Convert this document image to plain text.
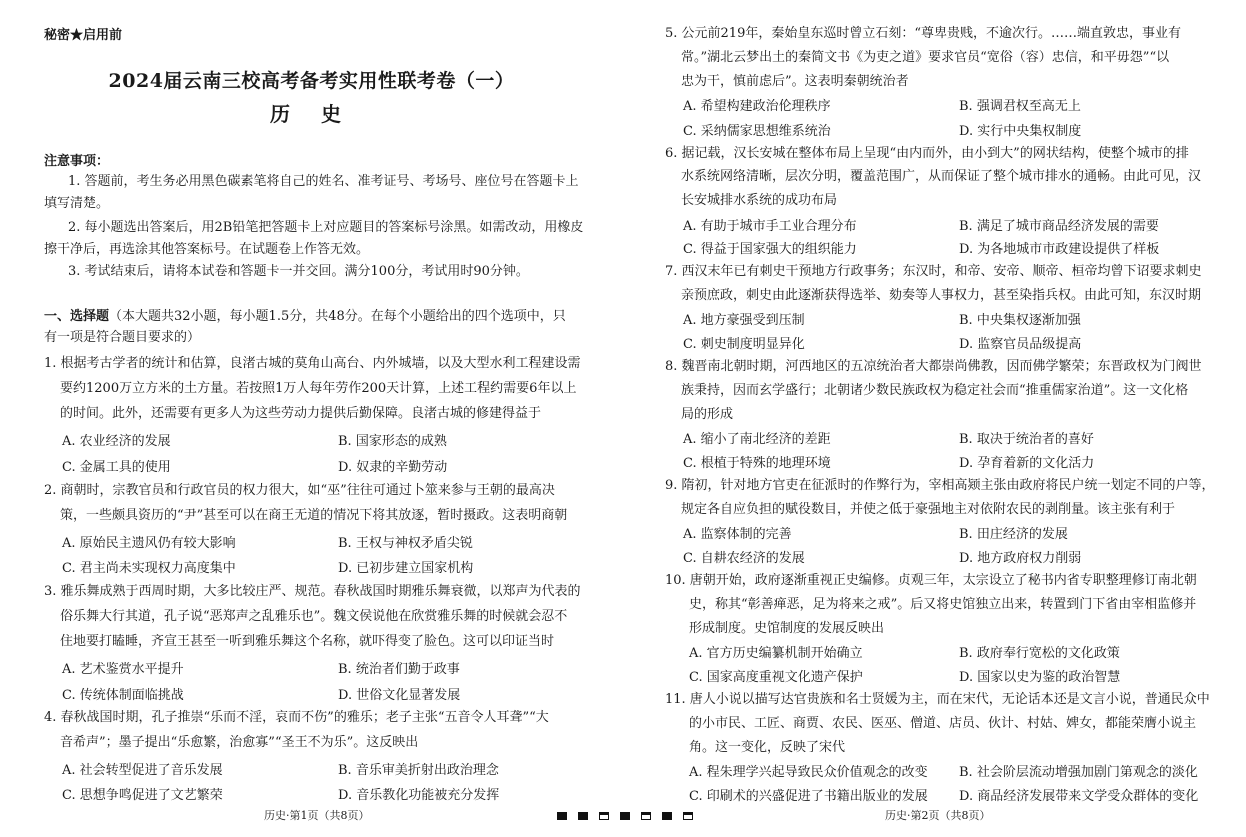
秘密★启用前
2024届云南三校高考备考实用性联考卷（一）
历 史
注意事项：
1. 答题前，考生务必用黑色碳素笔将自己的姓名、准考证号、考场号、座位号在答题卡上
填写清楚。
2. 每小题选出答案后，用2B铅笔把答题卡上对应题目的答案标号涂黑。如需改动，用橡皮
擦干净后，再选涂其他答案标号。在试题卷上作答无效。
3. 考试结束后，请将本试卷和答题卡一并交回。满分100分，考试用时90分钟。
一、选择题（本大题共32小题，每小题1.5分，共48分。在每个小题给出的四个选项中，只
有一项是符合题目要求的）
1. 根据考古学者的统计和估算，良渚古城的莫角山高台、内外城墙，以及大型水利工程建设需
要约1200万立方米的土方量。若按照1万人每年劳作200天计算，上述工程约需要6年以上
的时间。此外，还需要有更多人为这些劳动力提供后勤保障。良渚古城的修建得益于
A. 农业经济的发展	B. 国家形态的成熟
C. 金属工具的使用	D. 奴隶的辛勤劳动
2. 商朝时，宗教官员和行政官员的权力很大，如“巫”往往可通过卜筮来参与王朝的最高决
策，一些颇具资历的“尹”甚至可以在商王无道的情况下将其放逐，暂时摄政。这表明商朝
A. 原始民主遗风仍有较大影响	B. 王权与神权矛盾尖锐
C. 君主尚未实现权力高度集中	D. 已初步建立国家机构
3. 雅乐舞成熟于西周时期，大多比较庄严、规范。春秋战国时期雅乐舞衰微，以郑声为代表的
俗乐舞大行其道，孔子说“恶郑声之乱雅乐也”。魏文侯说他在欣赏雅乐舞的时候就会忍不
住地要打瞌睡，齐宣王甚至一听到雅乐舞这个名称，就吓得变了脸色。这可以印证当时
A. 艺术鉴赏水平提升	B. 统治者们勤于政事
C. 传统体制面临挑战	D. 世俗文化显著发展
4. 春秋战国时期，孔子推崇“乐而不淫，哀而不伤”的雅乐；老子主张“五音令人耳聋”“大
音希声”；墨子提出“乐愈繁，治愈寡”“圣王不为乐”。这反映出
A. 社会转型促进了音乐发展	B. 音乐审美折射出政治理念
C. 思想争鸣促进了文艺繁荣	D. 音乐教化功能被充分发挥
历史·第1页（共8页）
5. 公元前219年，秦始皇东巡时曾立石刻：“尊卑贵贱，不逾次行。……端直敦忠，事业有
常。”湖北云梦出土的秦简文书《为吏之道》要求官员“宽俗（容）忠信，和平毋怨”“以
忠为干，慎前虑后”。这表明秦朝统治者
A. 希望构建政治伦理秩序	B. 强调君权至高无上
C. 采纳儒家思想维系统治	D. 实行中央集权制度
6. 据记载，汉长安城在整体布局上呈现“由内而外，由小到大”的网状结构，使整个城市的排
水系统网络清晰，层次分明，覆盖范围广，从而保证了整个城市排水的通畅。由此可见，汉
长安城排水系统的成功布局
A. 有助于城市手工业合理分布	B. 满足了城市商品经济发展的需要
C. 得益于国家强大的组织能力	D. 为各地城市市政建设提供了样板
7. 西汉末年已有刺史干预地方行政事务；东汉时，和帝、安帝、顺帝、桓帝均曾下诏要求刺史
亲预庶政，刺史由此逐渐获得选举、劾奏等人事权力，甚至染指兵权。由此可知，东汉时期
A. 地方豪强受到压制	B. 中央集权逐渐加强
C. 刺史制度明显异化	D. 监察官员品级提高
8. 魏晋南北朝时期，河西地区的五凉统治者大都崇尚佛教，因而佛学繁荣；东晋政权为门阀世
族秉持，因而玄学盛行；北朝诸少数民族政权为稳定社会而“推重儒家治道”。这一文化格
局的形成
A. 缩小了南北经济的差距	B. 取决于统治者的喜好
C. 根植于特殊的地理环境	D. 孕育着新的文化活力
9. 隋初，针对地方官吏在征派时的作弊行为，宰相高颎主张由政府将民户统一划定不同的户等，
规定各自应负担的赋役数目，并使之低于豪强地主对依附农民的剥削量。该主张有利于
A. 监察体制的完善	B. 田庄经济的发展
C. 自耕农经济的发展	D. 地方政府权力削弱
10. 唐朝开始，政府逐渐重视正史编修。贞观三年，太宗设立了秘书内省专职整理修订南北朝
史，称其“彰善瘅恶，足为将来之戒”。后又将史馆独立出来，转置到门下省由宰相监修并
形成制度。史馆制度的发展反映出
A. 官方历史编纂机制开始确立	B. 政府奉行宽松的文化政策
C. 国家高度重视文化遗产保护	D. 国家以史为鉴的政治智慧
11. 唐人小说以描写达官贵族和名士贤媛为主，而在宋代，无论话本还是文言小说，普通民众中
的小市民、工匠、商贾、农民、医巫、僧道、店员、伙计、村姑、婢女，都能荣膺小说主
角。这一变化，反映了宋代
A. 程朱理学兴起导致民众价值观念的改变 B. 社会阶层流动增强加剧门第观念的淡化
C. 印刷术的兴盛促进了书籍出版业的发展 D. 商品经济发展带来文学受众群体的变化
历史·第2页（共8页）
